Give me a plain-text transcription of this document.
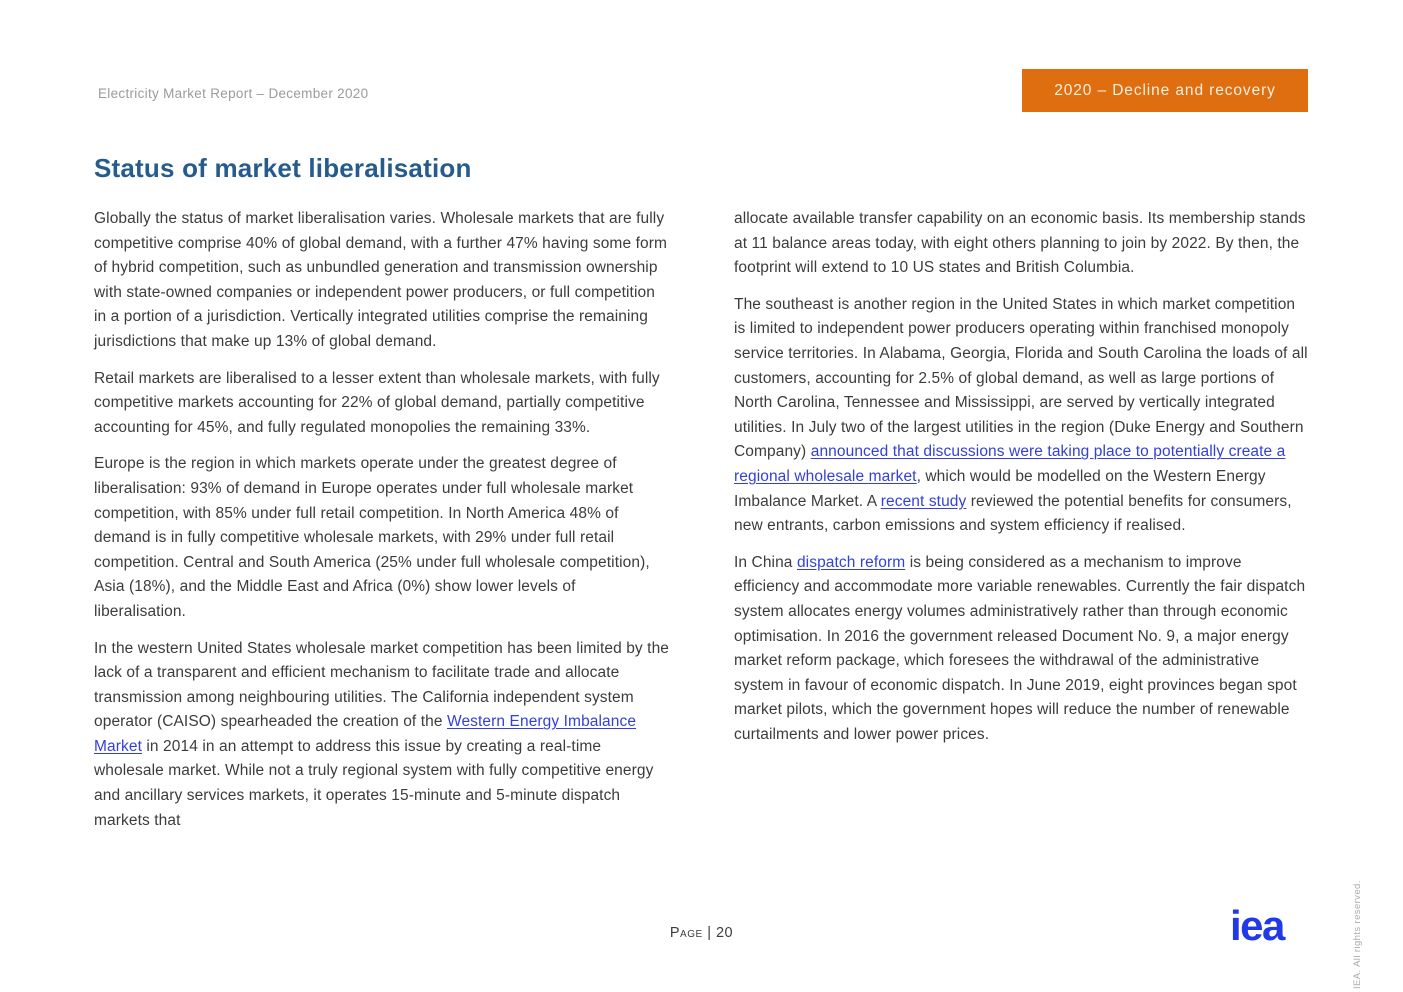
Electricity Market Report – December 2020	2020 – Decline and recovery
Status of market liberalisation

Globally the status of market liberalisation varies. Wholesale markets that are fully competitive comprise 40% of global demand, with a further 47% having some form of hybrid competition, such as unbundled generation and transmission ownership with state-owned companies or independent power producers, or full competition in a portion of a jurisdiction. Vertically integrated utilities comprise the remaining jurisdictions that make up 13% of global demand.

Retail markets are liberalised to a lesser extent than wholesale markets, with fully competitive markets accounting for 22% of global demand, partially competitive accounting for 45%, and fully regulated monopolies the remaining 33%.

Europe is the region in which markets operate under the greatest degree of liberalisation: 93% of demand in Europe operates under full wholesale market competition, with 85% under full retail competition. In North America 48% of demand is in fully competitive wholesale markets, with 29% under full retail competition. Central and South America (25% under full wholesale competition), Asia (18%), and the Middle East and Africa (0%) show lower levels of liberalisation.

In the western United States wholesale market competition has been limited by the lack of a transparent and efficient mechanism to facilitate trade and allocate transmission among neighbouring utilities. The California independent system operator (CAISO) spearheaded the creation of the Western Energy Imbalance Market in 2014 in an attempt to address this issue by creating a real-time wholesale market. While not a truly regional system with fully competitive energy and ancillary services markets, it operates 15-minute and 5-minute dispatch markets that

allocate available transfer capability on an economic basis. Its membership stands at 11 balance areas today, with eight others planning to join by 2022. By then, the footprint will extend to 10 US states and British Columbia.

The southeast is another region in the United States in which market competition is limited to independent power producers operating within franchised monopoly service territories. In Alabama, Georgia, Florida and South Carolina the loads of all customers, accounting for 2.5% of global demand, as well as large portions of North Carolina, Tennessee and Mississippi, are served by vertically integrated utilities. In July two of the largest utilities in the region (Duke Energy and Southern Company) announced that discussions were taking place to potentially create a regional wholesale market, which would be modelled on the Western Energy Imbalance Market. A recent study reviewed the potential benefits for consumers, new entrants, carbon emissions and system efficiency if realised.

In China dispatch reform is being considered as a mechanism to improve efficiency and accommodate more variable renewables. Currently the fair dispatch system allocates energy volumes administratively rather than through economic optimisation. In 2016 the government released Document No. 9, a major energy market reform package, which foresees the withdrawal of the administrative system in favour of economic dispatch. In June 2019, eight provinces began spot market pilots, which the government hopes will reduce the number of renewable curtailments and lower power prices.

Page | 20	iea	IEA. All rights reserved.
